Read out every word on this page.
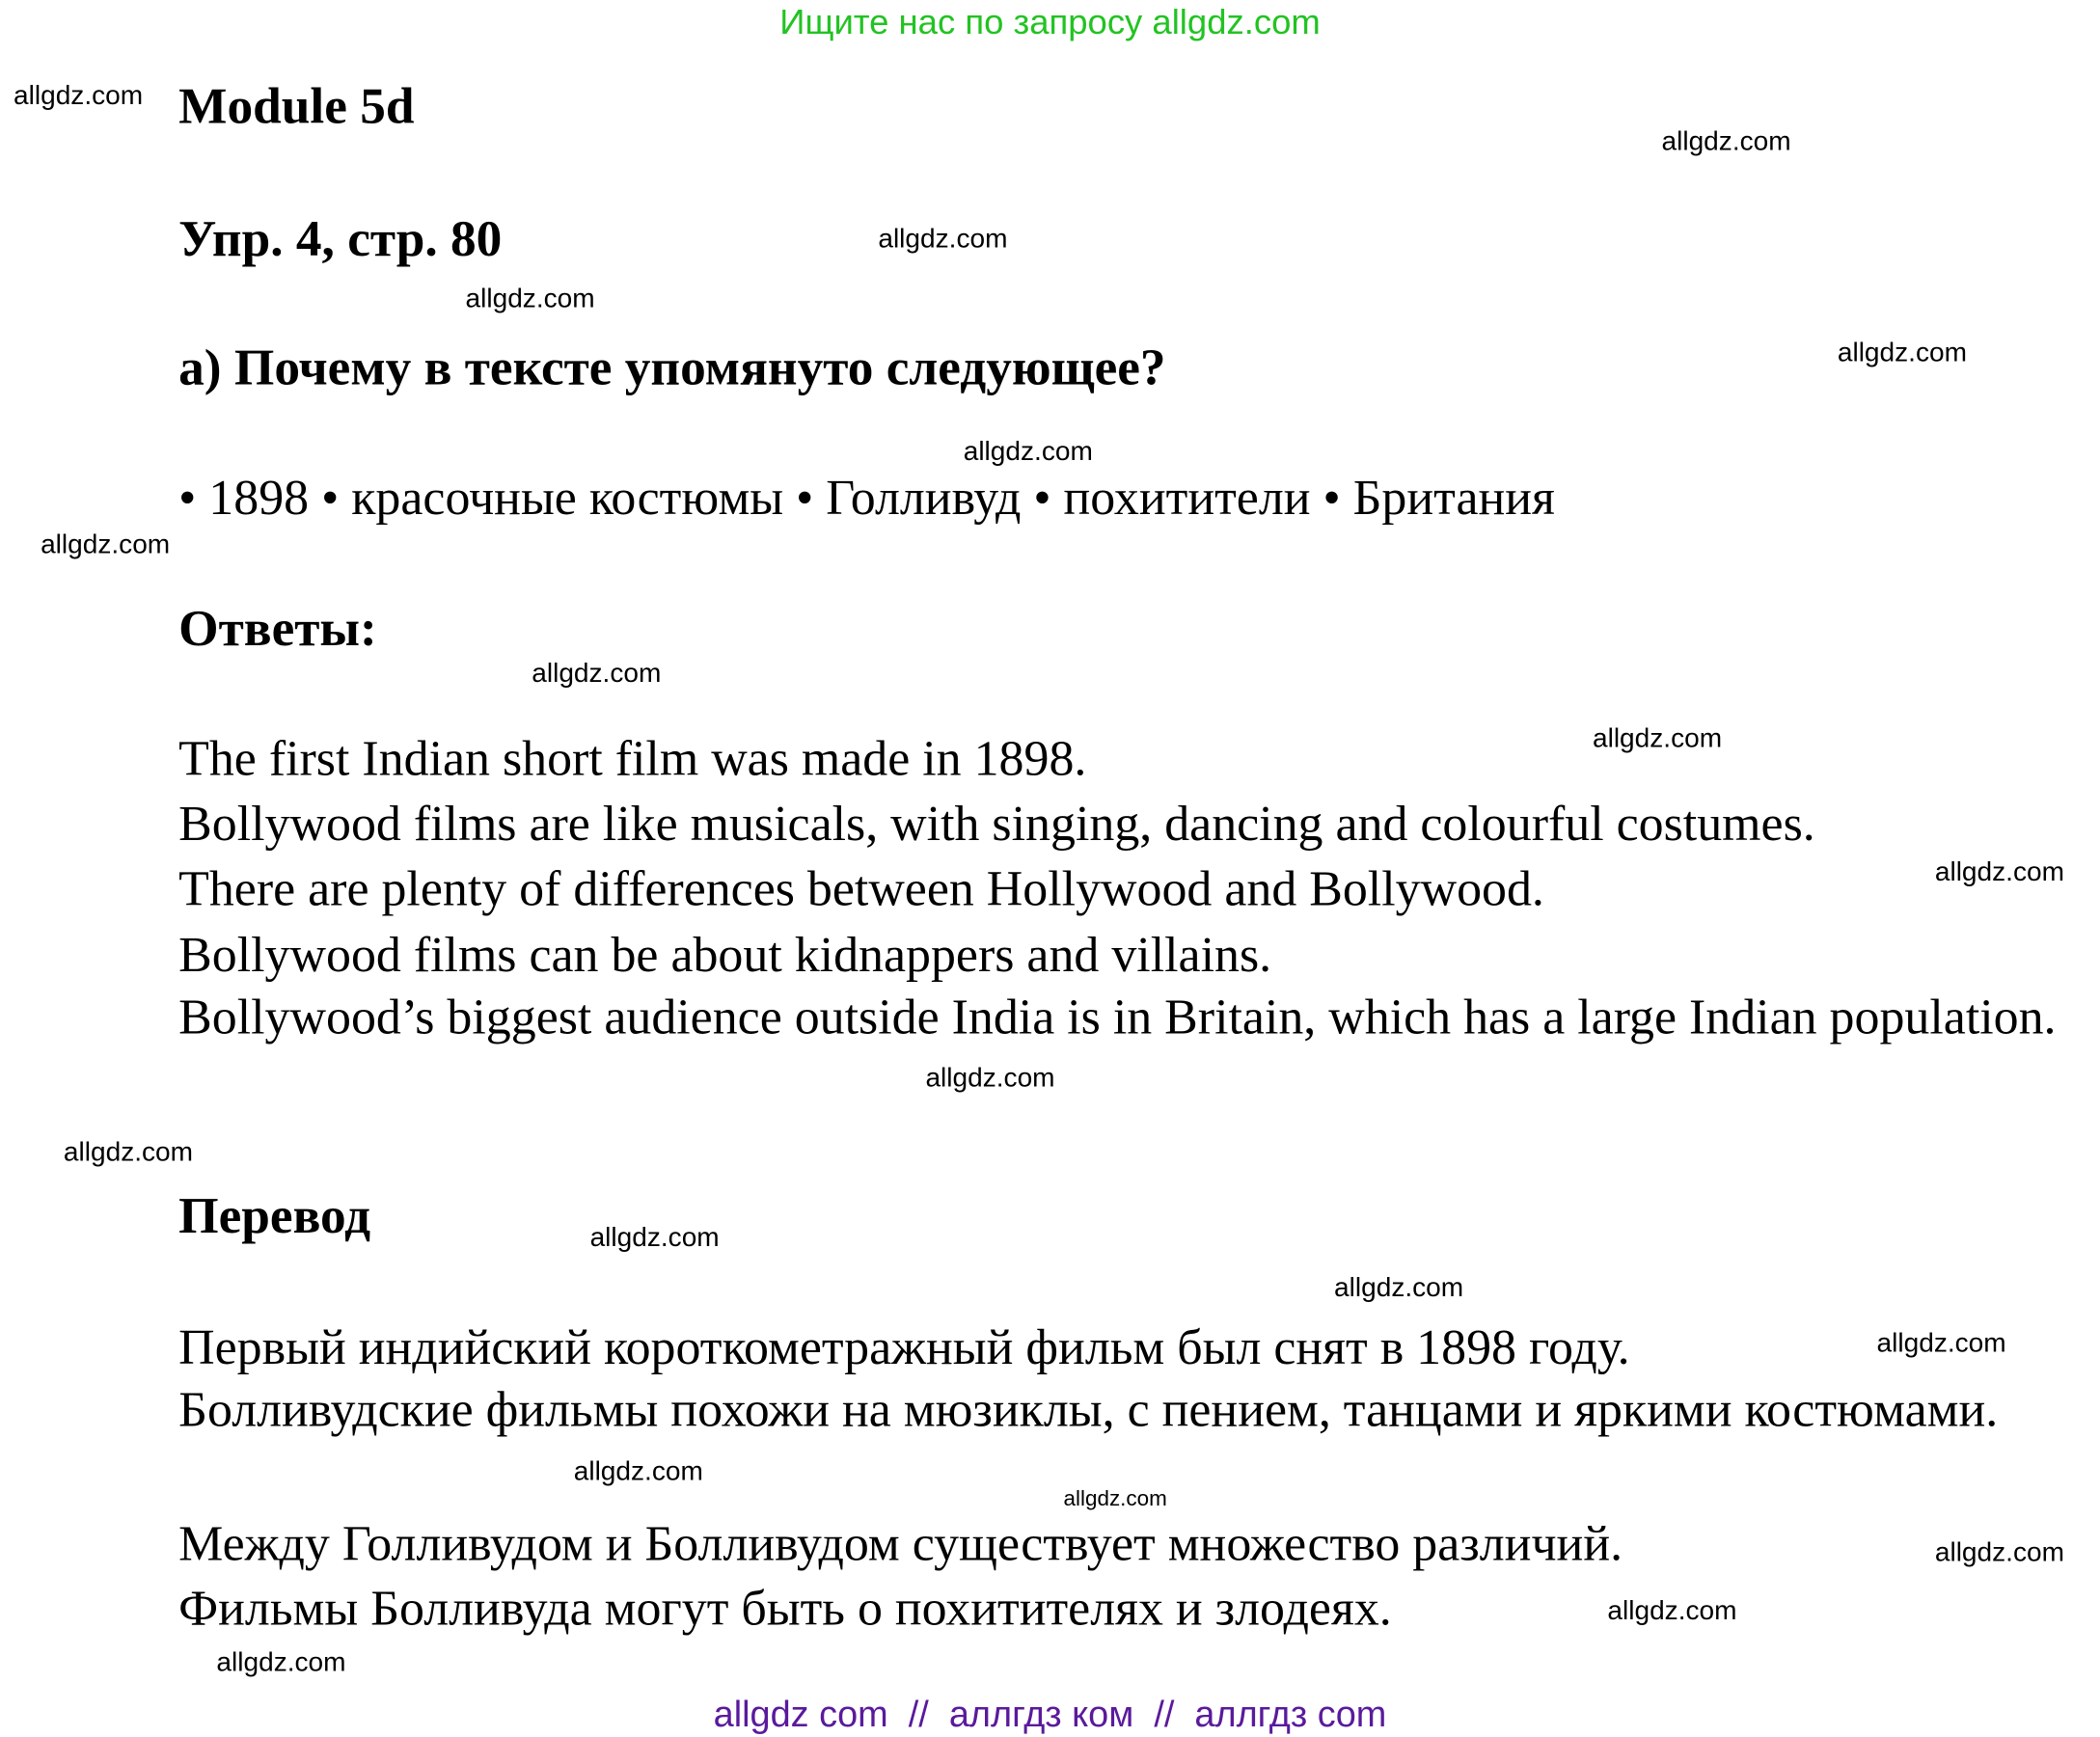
Ищите нас по запросу allgdz.com
Module 5d
Упр. 4, стр. 80
а) Почему в тексте упомянуто следующее?
• 1898 • красочные костюмы • Голливуд • похитители • Британия
Ответы:
The first Indian short film was made in 1898.
Bollywood films are like musicals, with singing, dancing and colourful costumes.
There are plenty of differences between Hollywood and Bollywood.
Bollywood films can be about kidnappers and villains.
Bollywood’s biggest audience outside India is in Britain, which has a large Indian population.
Перевод
Первый индийский короткометражный фильм был снят в 1898 году.
Болливудские фильмы похожи на мюзиклы, с пением, танцами и яркими костюмами.
Между Голливудом и Болливудом существует множество различий.
Фильмы Болливуда могут быть о похитителях и злодеях.
allgdz.com
allgdz.com
allgdz.com
allgdz.com
allgdz.com
allgdz.com
allgdz.com
allgdz.com
allgdz.com
allgdz.com
allgdz.com
allgdz.com
allgdz.com
allgdz.com
allgdz.com
allgdz.com
allgdz.com
allgdz.com
allgdz.com
allgdz.com
allgdz com  //  аллгдз ком  //  аллгдз com
